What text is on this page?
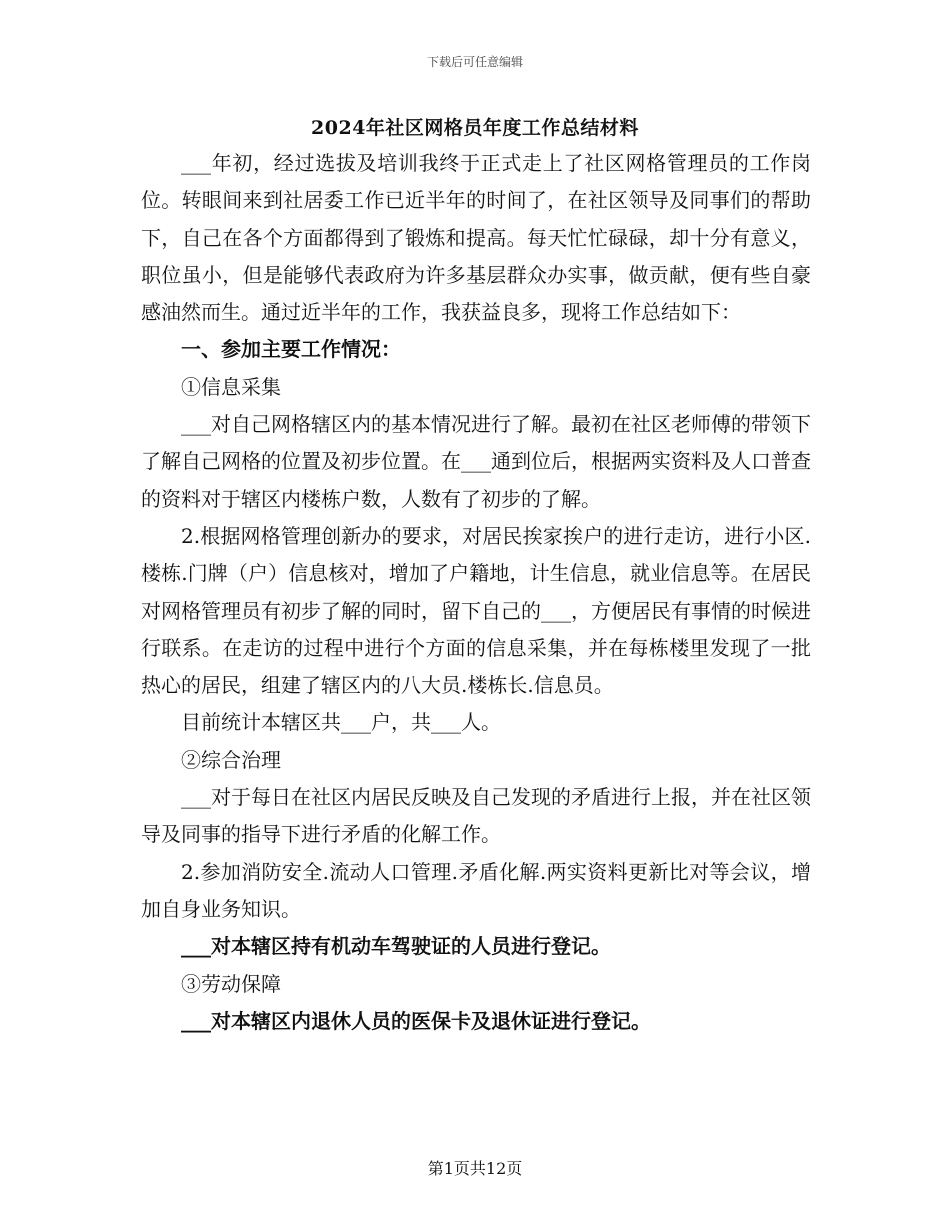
下载后可任意编辑
2024年社区网格员年度工作总结材料

___年初，经过选拔及培训我终于正式走上了社区网格管理员的工作岗位。转眼间来到社居委工作已近半年的时间了，在社区领导及同事们的帮助下，自己在各个方面都得到了锻炼和提高。每天忙忙碌碌，却十分有意义，职位虽小，但是能够代表政府为许多基层群众办实事，做贡献，便有些自豪感油然而生。通过近半年的工作，我获益良多，现将工作总结如下：

一、参加主要工作情况：

①信息采集

___对自己网格辖区内的基本情况进行了解。最初在社区老师傅的带领下了解自己网格的位置及初步位置。在___通到位后，根据两实资料及人口普查的资料对于辖区内楼栋户数，人数有了初步的了解。

2.根据网格管理创新办的要求，对居民挨家挨户的进行走访，进行小区.楼栋.门牌（户）信息核对，增加了户籍地，计生信息，就业信息等。在居民对网格管理员有初步了解的同时，留下自己的___，方便居民有事情的时候进行联系。在走访的过程中进行个方面的信息采集，并在每栋楼里发现了一批热心的居民，组建了辖区内的八大员.楼栋长.信息员。

目前统计本辖区共___户，共___人。

②综合治理

___对于每日在社区内居民反映及自己发现的矛盾进行上报，并在社区领导及同事的指导下进行矛盾的化解工作。

2.参加消防安全.流动人口管理.矛盾化解.两实资料更新比对等会议，增加自身业务知识。

___对本辖区持有机动车驾驶证的人员进行登记。

③劳动保障

___对本辖区内退休人员的医保卡及退休证进行登记。

第1页共12页
